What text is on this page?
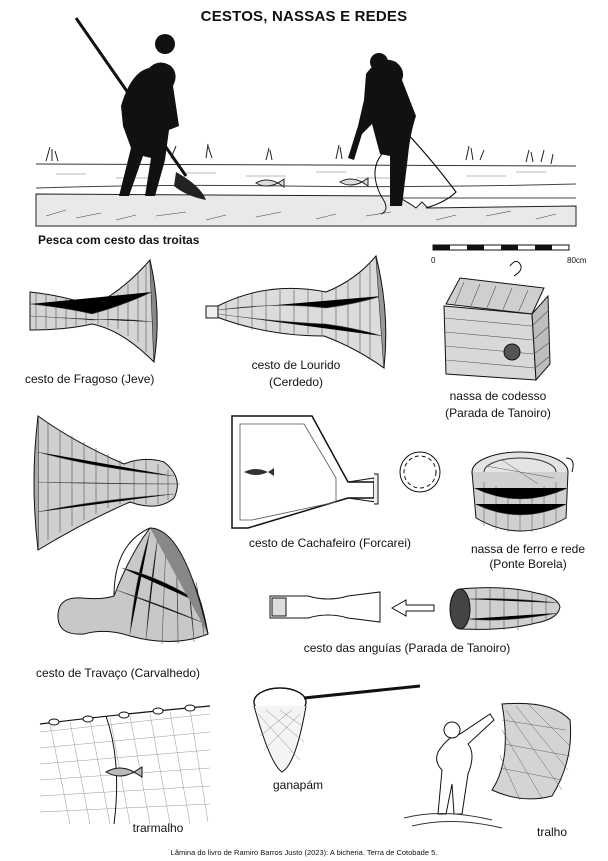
CESTOS, NASSAS E REDES
Pesca com cesto das troitas
0	80cm
cesto de Fragoso (Jeve)
cesto de Lourido
(Cerdedo)
nassa de codesso
(Parada de Tanoiro)
cesto de Cachafeiro (Forcarei)	nassa de ferro e rede
(Ponte Borela)
cesto de Travaço (Carvalhedo)
cesto das anguías (Parada de Tanoiro)
trarmalho
ganapám
tralho
Lâmina do livro de Ramiro Barros Justo (2023): A bicheria. Terra de Cotobade 5.
